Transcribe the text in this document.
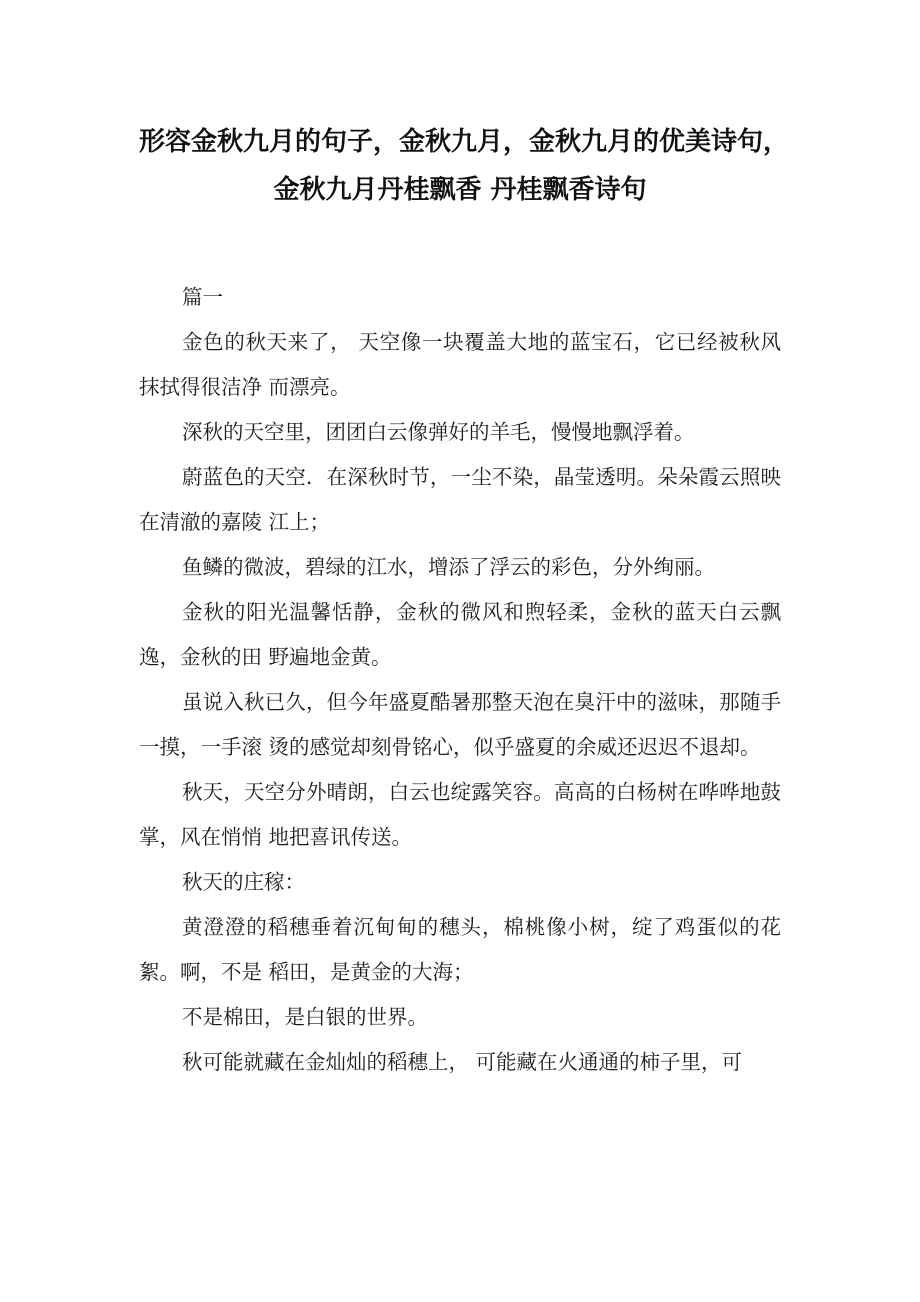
形容金秋九月的句子，金秋九月，金秋九月的优美诗句，
金秋九月丹桂飘香 丹桂飘香诗句

篇一

金色的秋天来了， 天空像一块覆盖大地的蓝宝石，它已经被秋风抹拭得很洁净 而漂亮。

深秋的天空里，团团白云像弹好的羊毛，慢慢地飘浮着。

蔚蓝色的天空．在深秋时节，一尘不染，晶莹透明。朵朵霞云照映在清澈的嘉陵 江上；

鱼鳞的微波，碧绿的江水，增添了浮云的彩色，分外绚丽。

金秋的阳光温馨恬静，金秋的微风和煦轻柔，金秋的蓝天白云飘逸，金秋的田 野遍地金黄。

虽说入秋已久，但今年盛夏酷暑那整天泡在臭汗中的滋味，那随手一摸，一手滚 烫的感觉却刻骨铭心，似乎盛夏的余威还迟迟不退却。

秋天，天空分外晴朗，白云也绽露笑容。高高的白杨树在哗哗地鼓掌，风在悄悄 地把喜讯传送。

秋天的庄稼：

黄澄澄的稻穗垂着沉甸甸的穗头，棉桃像小树，绽了鸡蛋似的花絮。啊，不是 稻田，是黄金的大海；

不是棉田，是白银的世界。

秋可能就藏在金灿灿的稻穗上， 可能藏在火通通的柿子里，可
